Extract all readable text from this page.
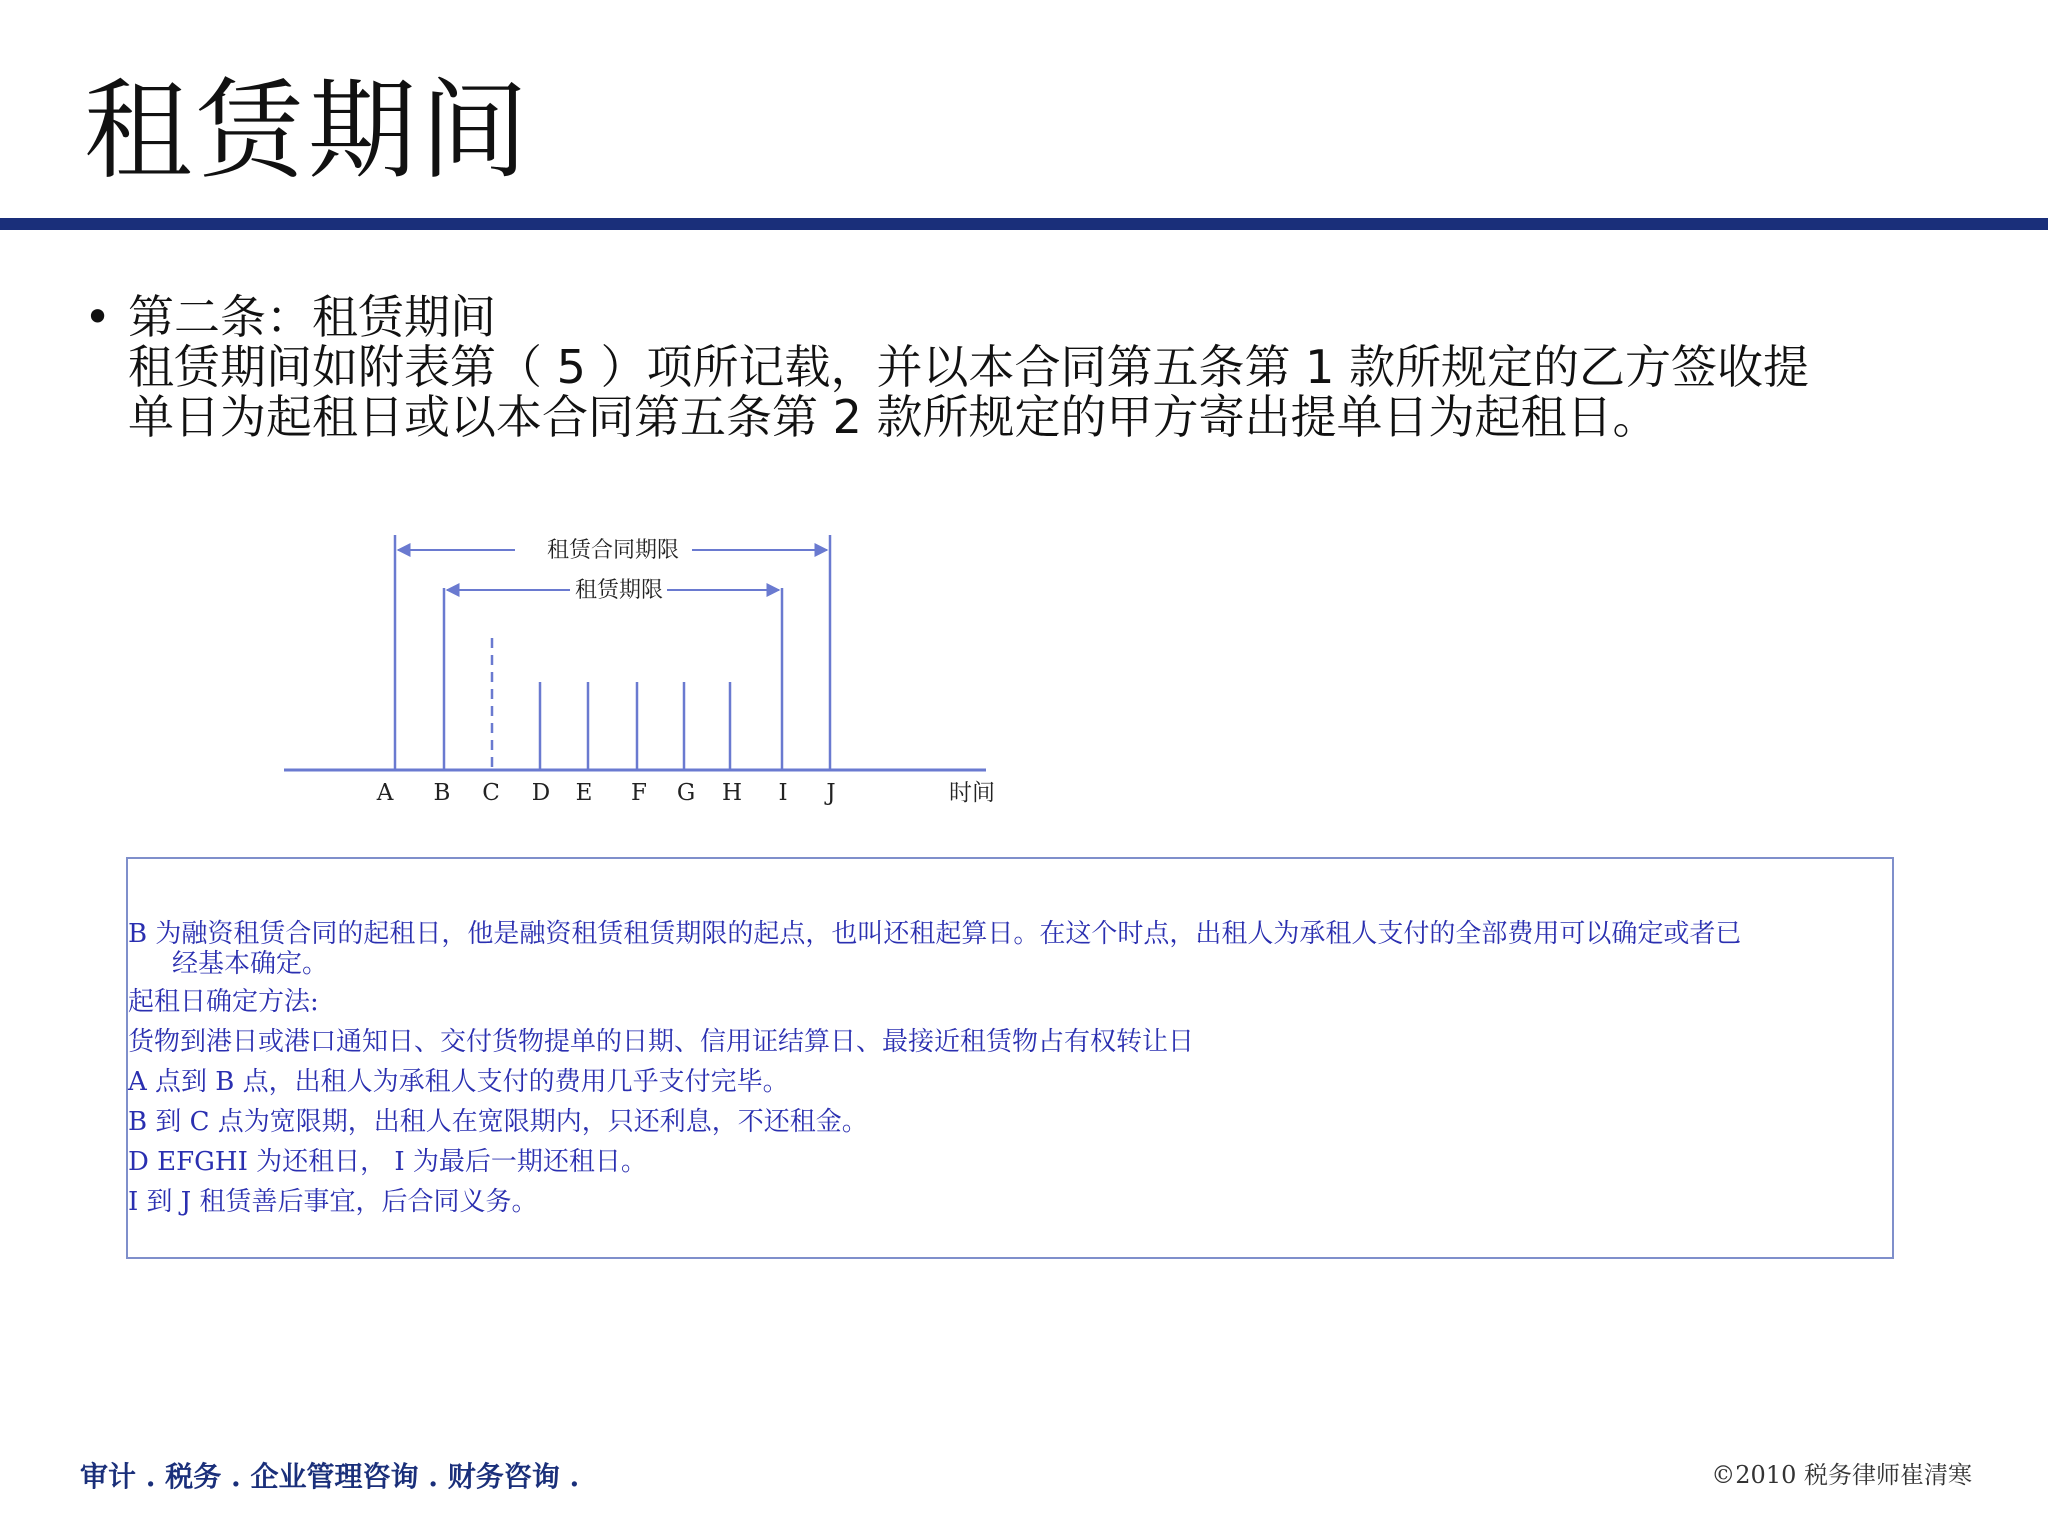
租赁期间
• 第二条：租赁期间
租赁期间如附表第（ 5 ）项所记载，并以本合同第五条第 1 款所规定的乙方签收提
单日为起租日或以本合同第五条第 2 款所规定的甲方寄出提单日为起租日。
租赁合同期限
租赁期限
A B C D E F G H I J	时间
B 为融资租赁合同的起租日，他是融资租赁租赁期限的起点，也叫还租起算日。在这个时点，出租人为承租人支付的全部费用可以确定或者已
经基本确定。
起租日确定方法:
货物到港日或港口通知日、交付货物提单的日期、信用证结算日、最接近租赁物占有权转让日
A 点到 B 点，出租人为承租人支付的费用几乎支付完毕。
B 到 C 点为宽限期，出租人在宽限期内，只还利息，不还租金。
D EFGHI 为还租日， I 为最后一期还租日。
I 到 J 租赁善后事宜，后合同义务。
审计 . 税务 . 企业管理咨询 . 财务咨询 .	©2010 税务律师崔清寒
